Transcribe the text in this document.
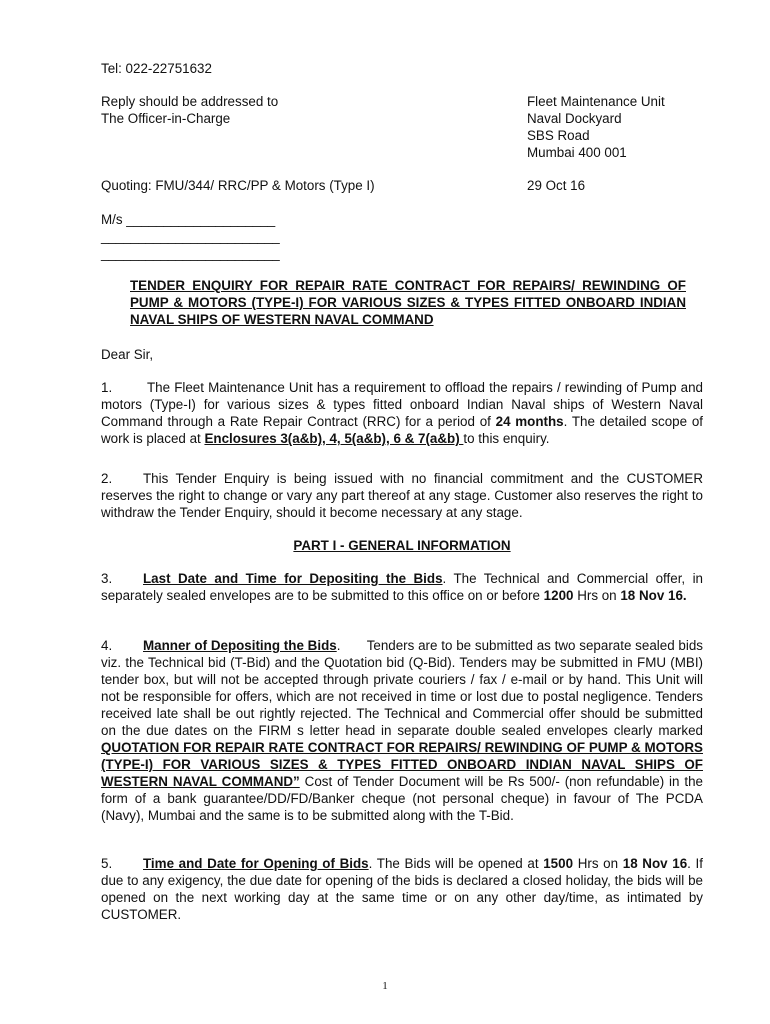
Tel: 022-22751632
Reply should be addressed to
The Officer-in-Charge
Fleet Maintenance Unit
Naval Dockyard
SBS Road
Mumbai 400 001
Quoting: FMU/344/ RRC/PP & Motors (Type I)	29 Oct 16
M/s ____________________
________________________
________________________
TENDER ENQUIRY FOR REPAIR RATE CONTRACT FOR REPAIRS/ REWINDING OF PUMP & MOTORS (TYPE-I) FOR VARIOUS SIZES & TYPES FITTED ONBOARD INDIAN NAVAL SHIPS OF WESTERN NAVAL COMMAND
Dear Sir,
1.	The Fleet Maintenance Unit has a requirement to offload the repairs / rewinding of Pump and motors (Type-I) for various sizes & types fitted onboard Indian Naval ships of Western Naval Command through a Rate Repair Contract (RRC) for a period of 24 months. The detailed scope of work is placed at Enclosures 3(a&b), 4, 5(a&b), 6 & 7(a&b) to this enquiry.
2. This Tender Enquiry is being issued with no financial commitment and the CUSTOMER reserves the right to change or vary any part thereof at any stage. Customer also reserves the right to withdraw the Tender Enquiry, should it become necessary at any stage.
PART I - GENERAL INFORMATION
3. Last Date and Time for Depositing the Bids. The Technical and Commercial offer, in separately sealed envelopes are to be submitted to this office on or before 1200 Hrs on 18 Nov 16.
4. Manner of Depositing the Bids.       Tenders are to be submitted as two separate sealed bids viz. the Technical bid (T-Bid) and the Quotation bid (Q-Bid). Tenders may be submitted in FMU (MBI) tender box, but will not be accepted through private couriers / fax / e-mail or by hand. This Unit will not be responsible for offers, which are not received in time or lost due to postal negligence. Tenders received late shall be out rightly rejected. The Technical and Commercial offer should be submitted on the due dates on the FIRM s letter head in separate double sealed envelopes clearly marked QUOTATION FOR REPAIR RATE CONTRACT FOR REPAIRS/ REWINDING OF PUMP & MOTORS (TYPE-I) FOR VARIOUS SIZES & TYPES FITTED ONBOARD INDIAN NAVAL SHIPS OF WESTERN NAVAL COMMAND” Cost of Tender Document will be Rs 500/- (non refundable) in the form of a bank guarantee/DD/FD/Banker cheque (not personal cheque) in favour of The PCDA (Navy), Mumbai and the same is to be submitted along with the T-Bid.
5. Time and Date for Opening of Bids. The Bids will be opened at 1500 Hrs on 18 Nov 16. If due to any exigency, the due date for opening of the bids is declared a closed holiday, the bids will be opened on the next working day at the same time or on any other day/time, as intimated by CUSTOMER.
1
